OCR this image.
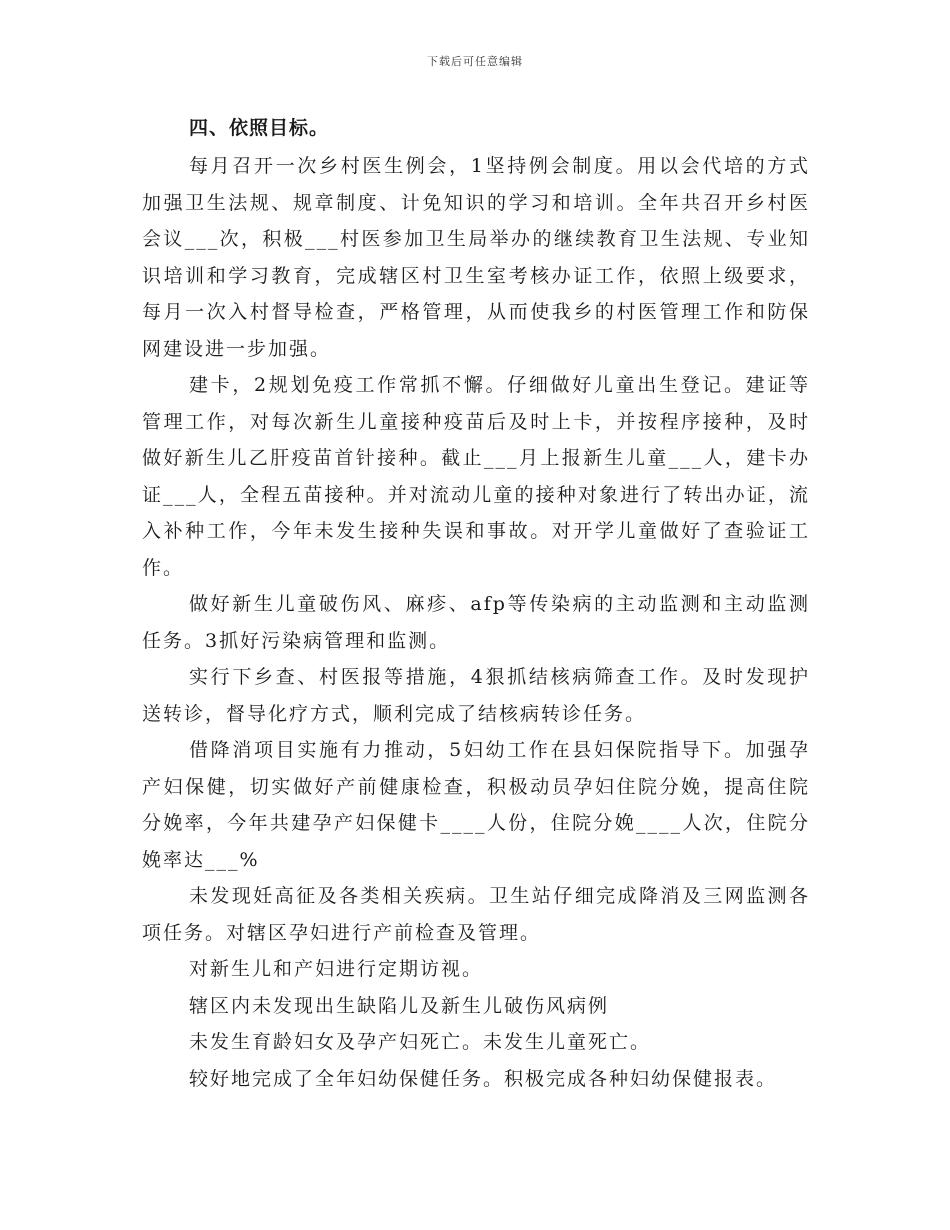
下载后可任意编辑
四、依照目标。

每月召开一次乡村医生例会，1坚持例会制度。用以会代培的方式加强卫生法规、规章制度、计免知识的学习和培训。全年共召开乡村医会议___次，积极___村医参加卫生局举办的继续教育卫生法规、专业知识培训和学习教育，完成辖区村卫生室考核办证工作，依照上级要求，每月一次入村督导检查，严格管理，从而使我乡的村医管理工作和防保网建设进一步加强。

建卡，2规划免疫工作常抓不懈。仔细做好儿童出生登记。建证等管理工作，对每次新生儿童接种疫苗后及时上卡，并按程序接种，及时做好新生儿乙肝疫苗首针接种。截止___月上报新生儿童___人，建卡办证___人，全程五苗接种。并对流动儿童的接种对象进行了转出办证，流入补种工作，今年未发生接种失误和事故。对开学儿童做好了查验证工作。

做好新生儿童破伤风、麻疹、afp等传染病的主动监测和主动监测任务。3抓好污染病管理和监测。

实行下乡查、村医报等措施，4狠抓结核病筛查工作。及时发现护送转诊，督导化疗方式，顺利完成了结核病转诊任务。

借降消项目实施有力推动，5妇幼工作在县妇保院指导下。加强孕产妇保健，切实做好产前健康检查，积极动员孕妇住院分娩，提高住院分娩率，今年共建孕产妇保健卡____人份，住院分娩____人次，住院分娩率达___%

未发现妊高征及各类相关疾病。卫生站仔细完成降消及三网监测各项任务。对辖区孕妇进行产前检查及管理。

对新生儿和产妇进行定期访视。

辖区内未发现出生缺陷儿及新生儿破伤风病例

未发生育龄妇女及孕产妇死亡。未发生儿童死亡。

较好地完成了全年妇幼保健任务。积极完成各种妇幼保健报表。
